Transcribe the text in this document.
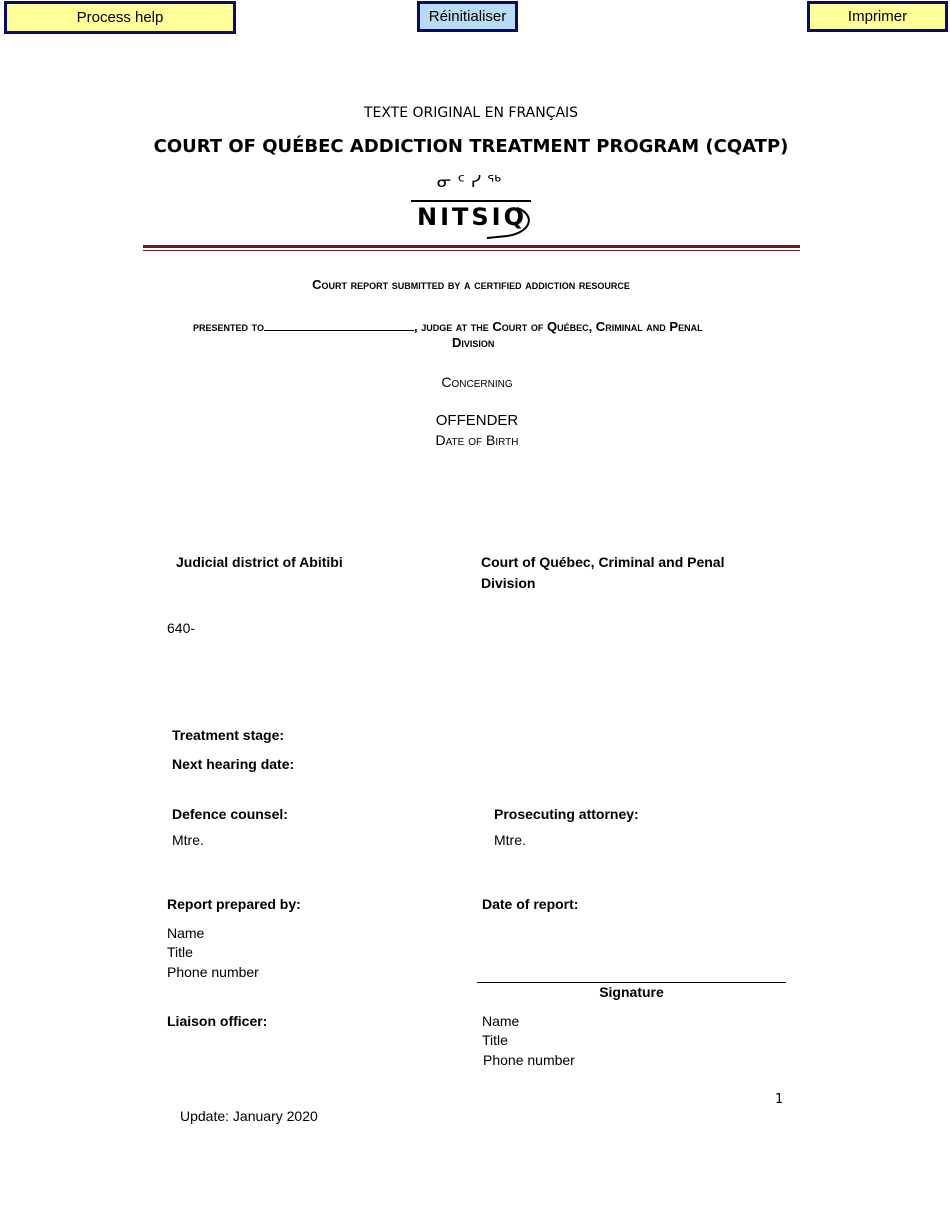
Process help	Réinitialiser	Imprimer
TEXTE ORIGINAL EN FRANÇAIS
COURT OF QUÉBEC ADDICTION TREATMENT PROGRAM (CQATP)
ᓂᑦᓯᖅ
NITSIQ
Court report submitted by a certified addiction resource
presented to	, judge at the Court of Québec, Criminal and Penal
Division
Concerning
OFFENDER
Date of Birth
Judicial district of Abitibi	Court of Québec, Criminal and Penal
Division
640-
Treatment stage:
Next hearing date:
Defence counsel:
Mtre.
Prosecuting attorney:
Mtre.
Report prepared by:
Name
Title
Phone number
Date of report:
Signature
Liaison officer:	Name
Title
Phone number
1
Update: January 2020
